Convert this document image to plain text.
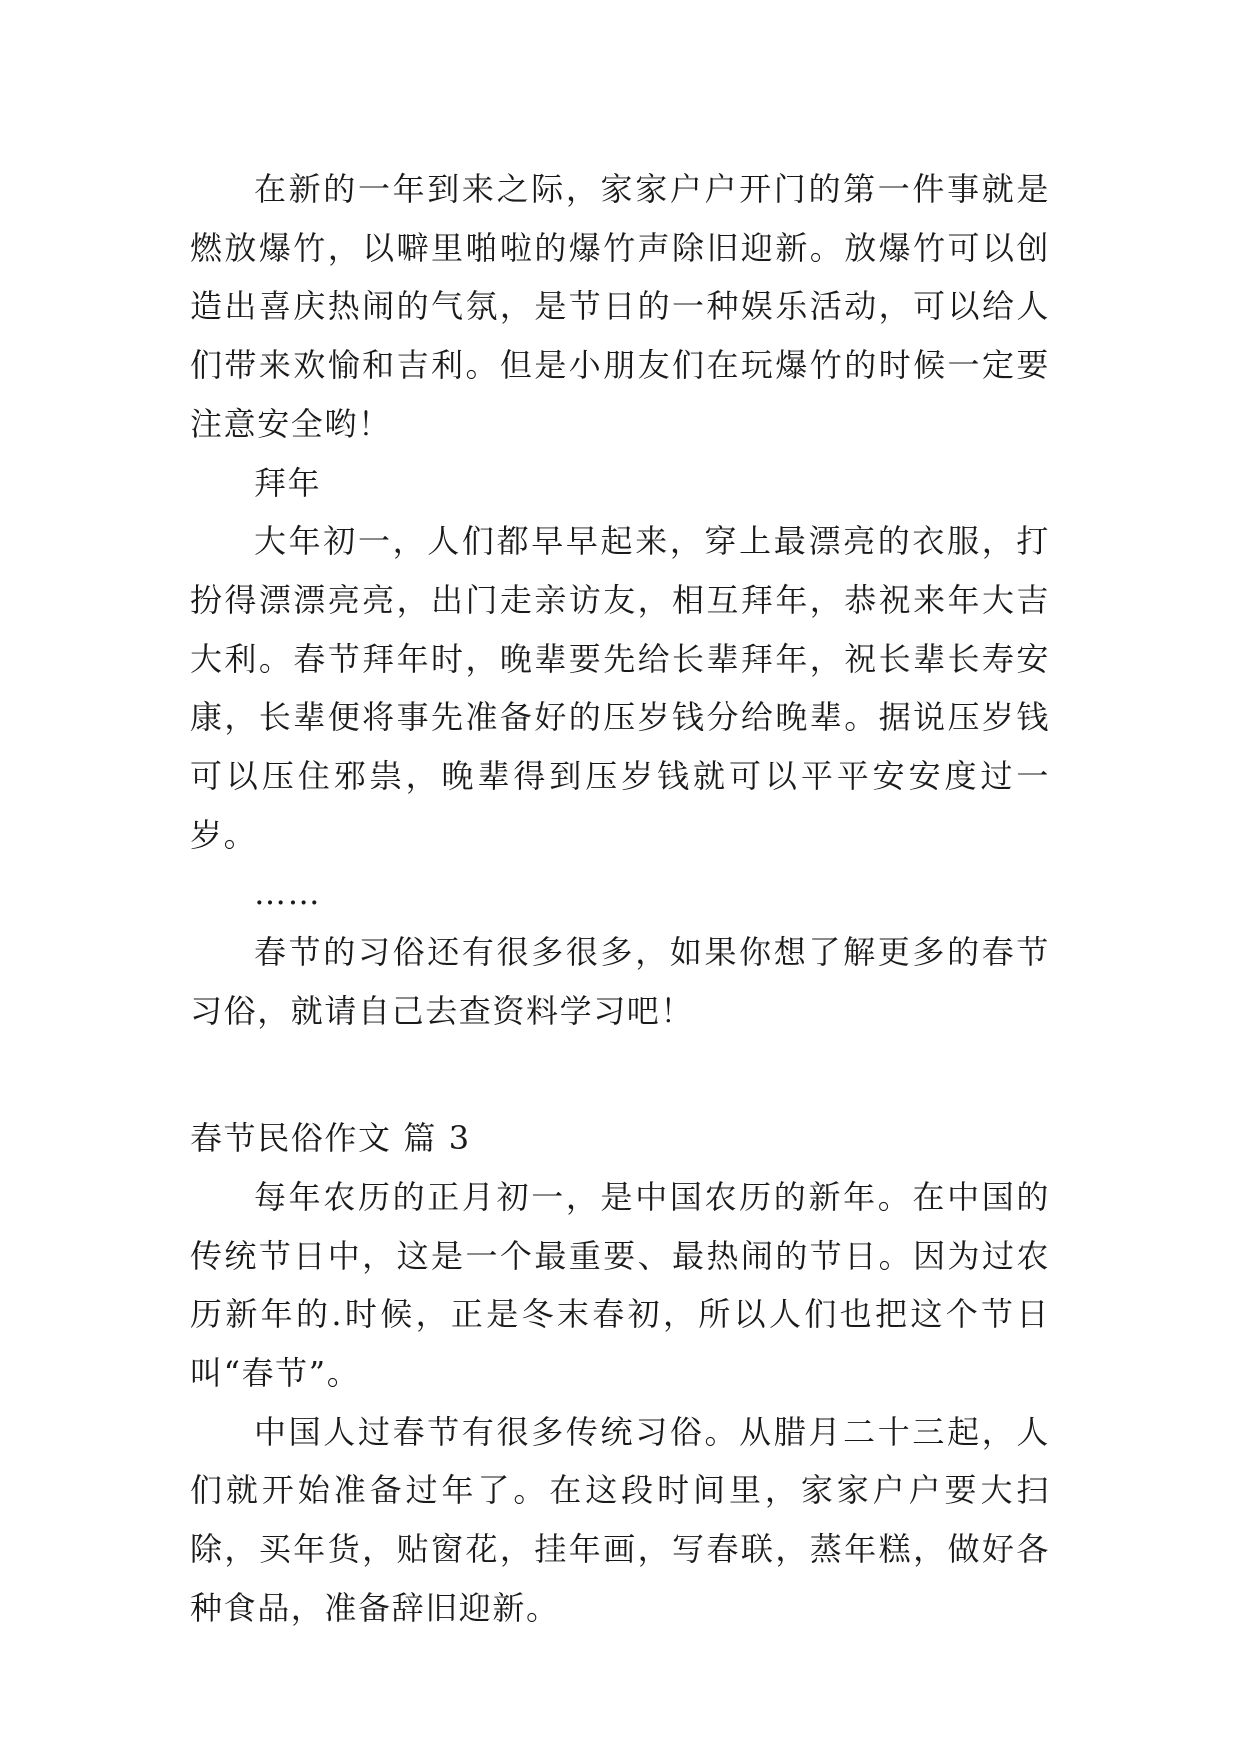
在新的一年到来之际，家家户户开门的第一件事就是燃放爆竹，以噼里啪啦的爆竹声除旧迎新。放爆竹可以创造出喜庆热闹的气氛，是节日的一种娱乐活动，可以给人们带来欢愉和吉利。但是小朋友们在玩爆竹的时候一定要注意安全哟！

拜年

大年初一，人们都早早起来，穿上最漂亮的衣服，打扮得漂漂亮亮，出门走亲访友，相互拜年，恭祝来年大吉大利。春节拜年时，晚辈要先给长辈拜年，祝长辈长寿安康，长辈便将事先准备好的压岁钱分给晚辈。据说压岁钱可以压住邪祟，晚辈得到压岁钱就可以平平安安度过一岁。

……

春节的习俗还有很多很多，如果你想了解更多的春节习俗，就请自己去查资料学习吧！

春节民俗作文 篇 3

每年农历的正月初一，是中国农历的新年。在中国的传统节日中，这是一个最重要、最热闹的节日。因为过农历新年的.时候，正是冬末春初，所以人们也把这个节日叫“春节”。

中国人过春节有很多传统习俗。从腊月二十三起，人们就开始准备过年了。在这段时间里，家家户户要大扫除，买年货，贴窗花，挂年画，写春联，蒸年糕，做好各种食品，准备辞旧迎新。
